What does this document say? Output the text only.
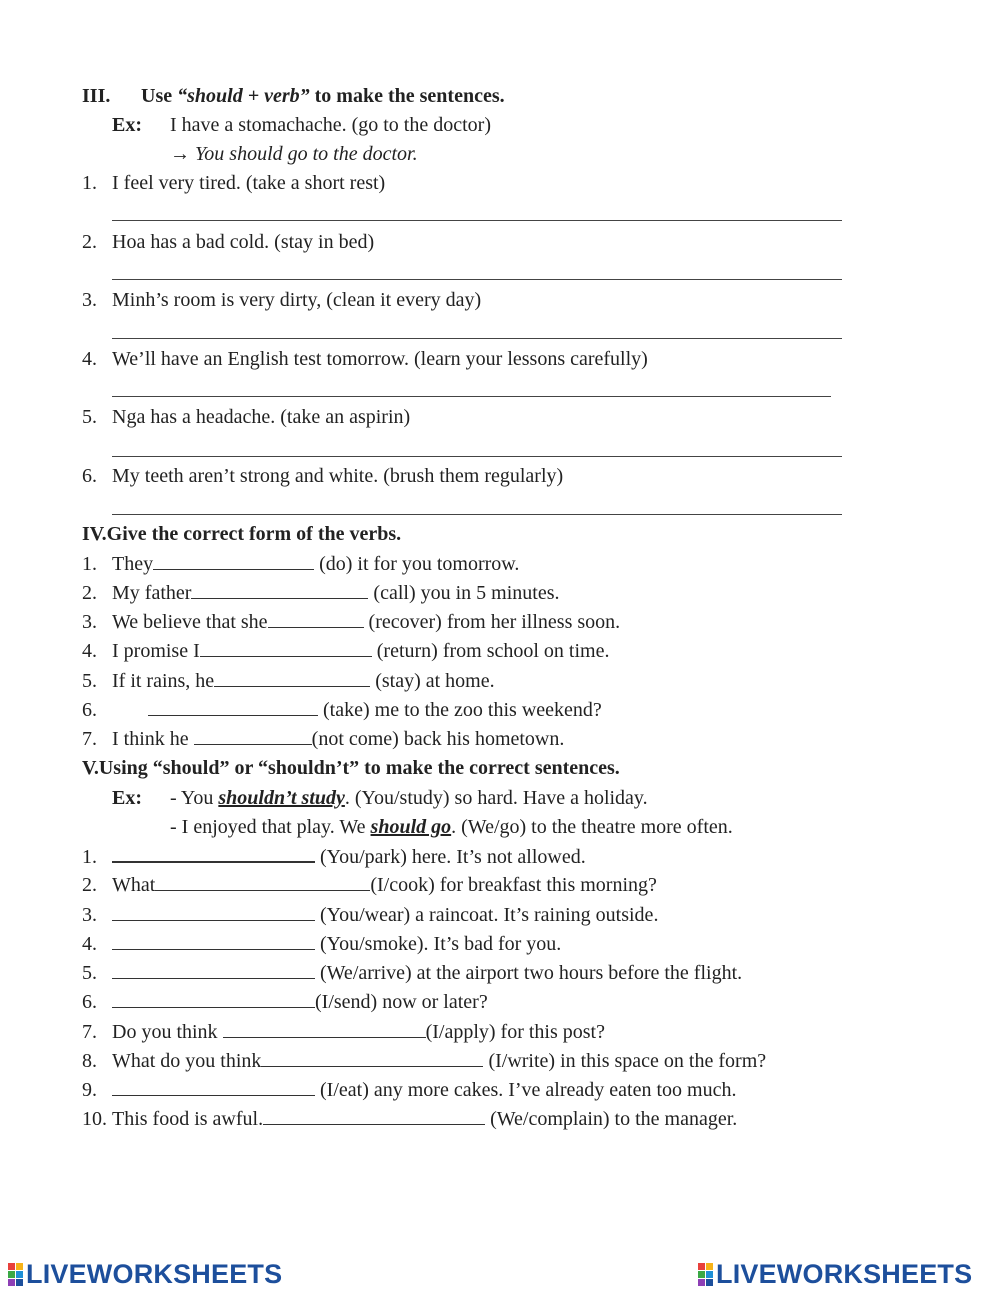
III. Use “should + verb” to make the sentences.
Ex: I have a stomachache. (go to the doctor)
→ You should go to the doctor.
1. I feel very tired. (take a short rest)
2. Hoa has a bad cold. (stay in bed)
3. Minh’s room is very dirty, (clean it every day)
4. We’ll have an English test tomorrow. (learn your lessons carefully)
5. Nga has a headache. (take an aspirin)
6. My teeth aren’t strong and white. (brush them regularly)
IV.Give the correct form of the verbs.
1. They	(do) it for you tomorrow.
2. My father	(call) you in 5 minutes.
3. We believe that she	(recover) from her illness soon.
4. I promise I	(return) from school on time.
5. If it rains, he	(stay) at home.
6.	(take) me to the zoo this weekend?
7. I think he	(not come) back his hometown.
V.Using “should” or “shouldn’t” to make the correct sentences.
Ex: - You shouldn’t study. (You/study) so hard. Have a holiday.
- I enjoyed that play. We should go. (We/go) to the theatre more often.
1.	(You/park) here. It’s not allowed.
2. What	(I/cook) for breakfast this morning?
3.	(You/wear) a raincoat. It’s raining outside.
4.	(You/smoke). It’s bad for you.
5.	(We/arrive) at the airport two hours before the flight.
6.	(I/send) now or later?
7. Do you think	(I/apply) for this post?
8. What do you think	(I/write) in this space on the form?
9.	(I/eat) any more cakes. I’ve already eaten too much.
10. This food is awful.	(We/complain) to the manager.
LIVEWORKSHEETS	LIVEWORKSHEETS
